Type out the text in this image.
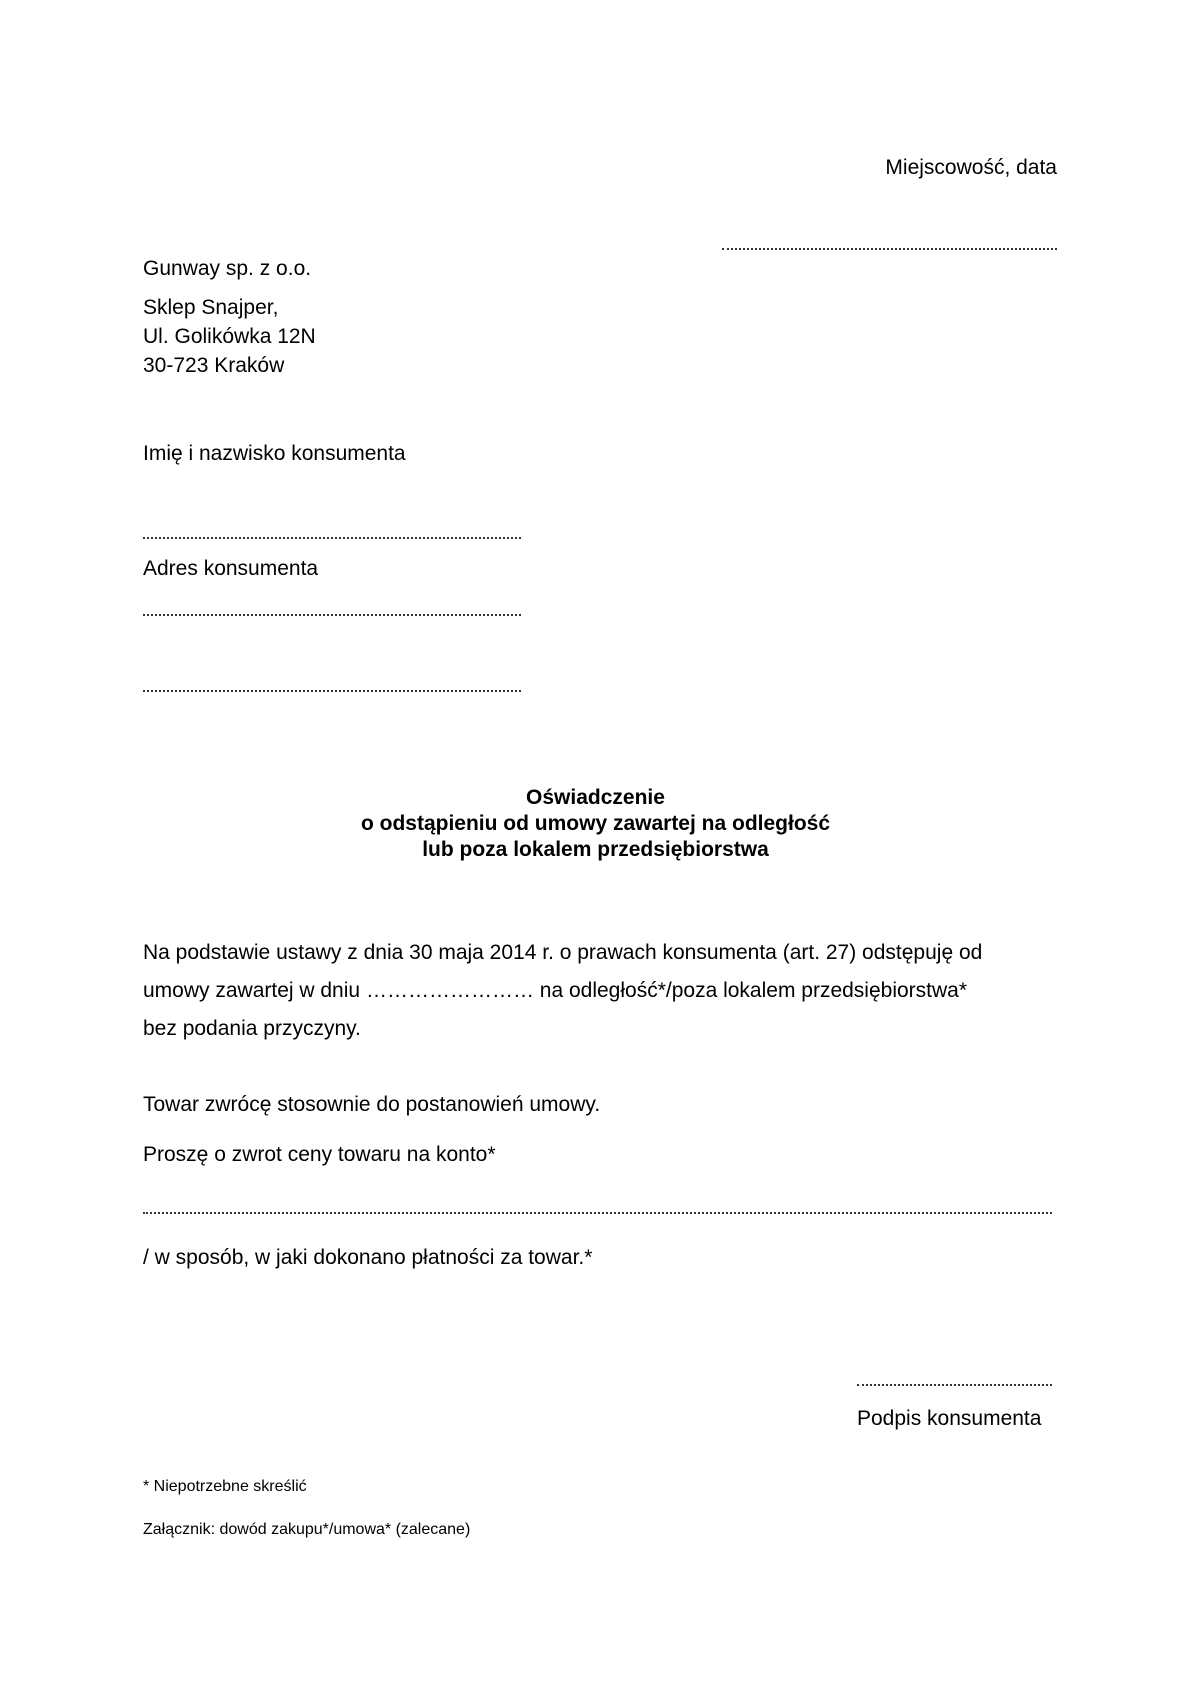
Miejscowość, data
Gunway sp. z o.o.
Sklep Snajper,
Ul. Golikówka 12N
30-723 Kraków
Imię i nazwisko konsumenta
Adres konsumenta
Oświadczenie
o odstąpieniu od umowy zawartej na odległość
lub poza lokalem przedsiębiorstwa
Na podstawie ustawy z dnia 30 maja 2014 r. o prawach konsumenta (art. 27) odstępuję od
umowy zawartej w dniu …………………… na odległość*/poza lokalem przedsiębiorstwa*
bez podania przyczyny.
Towar zwrócę stosownie do postanowień umowy.
Proszę o zwrot ceny towaru na konto*
/ w sposób, w jaki dokonano płatności za towar.*
Podpis konsumenta
* Niepotrzebne skreślić
Załącznik: dowód zakupu*/umowa* (zalecane)
